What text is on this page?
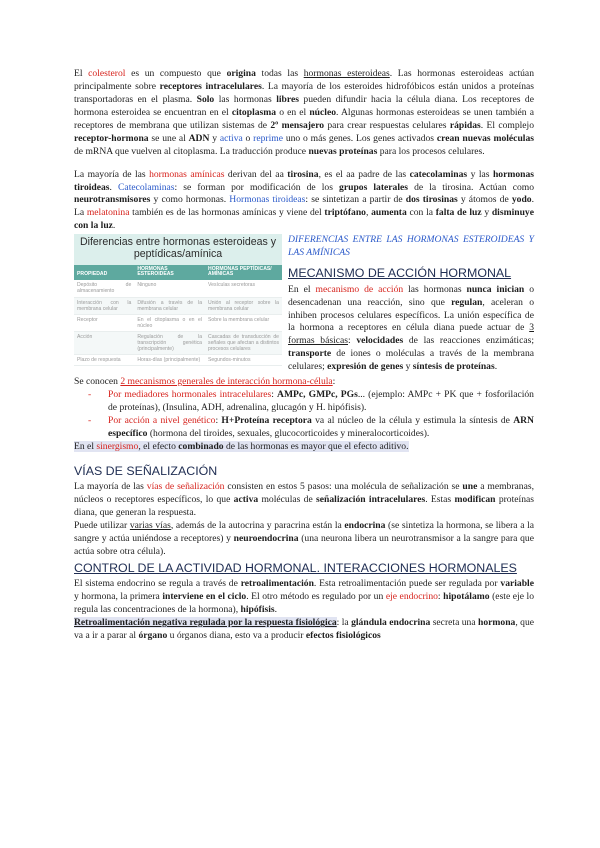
El colesterol es un compuesto que origina todas las hormonas esteroideas. Las hormonas esteroideas actúan principalmente sobre receptores intracelulares. La mayoría de los esteroides hidrofóbicos están unidos a proteínas transportadoras en el plasma. Solo las hormonas libres pueden difundir hacia la célula diana. Los receptores de hormona esteroidea se encuentran en el citoplasma o en el núcleo. Algunas hormonas esteroideas se unen también a receptores de membrana que utilizan sistemas de 2º mensajero para crear respuestas celulares rápidas. El complejo receptor-hormona se une al ADN y activa o reprime uno o más genes. Los genes activados crean nuevas moléculas de mRNA que vuelven al citoplasma. La traducción produce nuevas proteínas para los procesos celulares.

La mayoría de las hormonas amínicas derivan del aa tirosina, es el aa padre de las catecolaminas y las hormonas tiroideas. Catecolaminas: se forman por modificación de los grupos laterales de la tirosina. Actúan como neurotransmisores y como hormonas. Hormonas tiroideas: se sintetizan a partir de dos tirosinas y átomos de yodo. La melatonina también es de las hormonas amínicas y viene del triptófano, aumenta con la falta de luz y disminuye con la luz.

Diferencias entre hormonas esteroideas y peptídicas/amínica
PROPIEDAD	HORMONAS ESTEROIDEAS	HORMONAS PEPTÍDICAS/ AMÍNICAS
Depósito de almacenamiento	Ninguno	Vesículas secretoras
Interacción con la membrana celular	Difusión a través de la membrana celular	Unión al receptor sobre la membrana celular
Receptor	En el citoplasma o en el núcleo	Sobre la membrana celular
Acción	Regulación de la transcripción genética (principalmente)	Cascadas de transducción de señales que afectan a distintos procesos celulares
Plazo de respuesta	Horas-días (principalmente)	Segundos-minutos

DIFERENCIAS ENTRE LAS HORMONAS ESTEROIDEAS Y LAS AMÍNICAS

MECANISMO DE ACCIÓN HORMONAL

En el mecanismo de acción las hormonas nunca inician o desencadenan una reacción, sino que regulan, aceleran o inhiben procesos celulares específicos. La unión específica de la hormona a receptores en célula diana puede actuar de 3 formas básicas: velocidades de las reacciones enzimáticas; transporte de iones o moléculas a través de la membrana celulares; expresión de genes y síntesis de proteínas.

Se conocen 2 mecanismos generales de interacción hormona-célula:

- Por mediadores hormonales intracelulares: AMPc, GMPc, PGs... (ejemplo: AMPc + PK que + fosforilación de proteínas), (Insulina, ADH, adrenalina, glucagón y H. hipófisis).
- Por acción a nivel genético: H+Proteína receptora va al núcleo de la célula y estimula la síntesis de ARN específico (hormona del tiroides, sexuales, glucocorticoides y mineralocorticoides).

En el sinergismo, el efecto combinado de las hormonas es mayor que el efecto aditivo.

VÍAS DE SEÑALIZACIÓN

La mayoría de las vías de señalización consisten en estos 5 pasos: una molécula de señalización se une a membranas, núcleos o receptores específicos, lo que activa moléculas de señalización intracelulares. Estas modifican proteínas diana, que generan la respuesta.

Puede utilizar varias vías, además de la autocrina y paracrina están la endocrina (se sintetiza la hormona, se libera a la sangre y actúa uniéndose a receptores) y neuroendocrina (una neurona libera un neurotransmisor a la sangre para que actúa sobre otra célula).

CONTROL DE LA ACTIVIDAD HORMONAL. INTERACCIONES HORMONALES

El sistema endocrino se regula a través de retroalimentación. Esta retroalimentación puede ser regulada por variable y hormona, la primera interviene en el ciclo. El otro método es regulado por un eje endocrino: hipotálamo (este eje lo regula las concentraciones de la hormona), hipófisis.

Retroalimentación negativa regulada por la respuesta fisiológica: la glándula endocrina secreta una hormona, que va a ir a parar al órgano u órganos diana, esto va a producir efectos fisiológicos
